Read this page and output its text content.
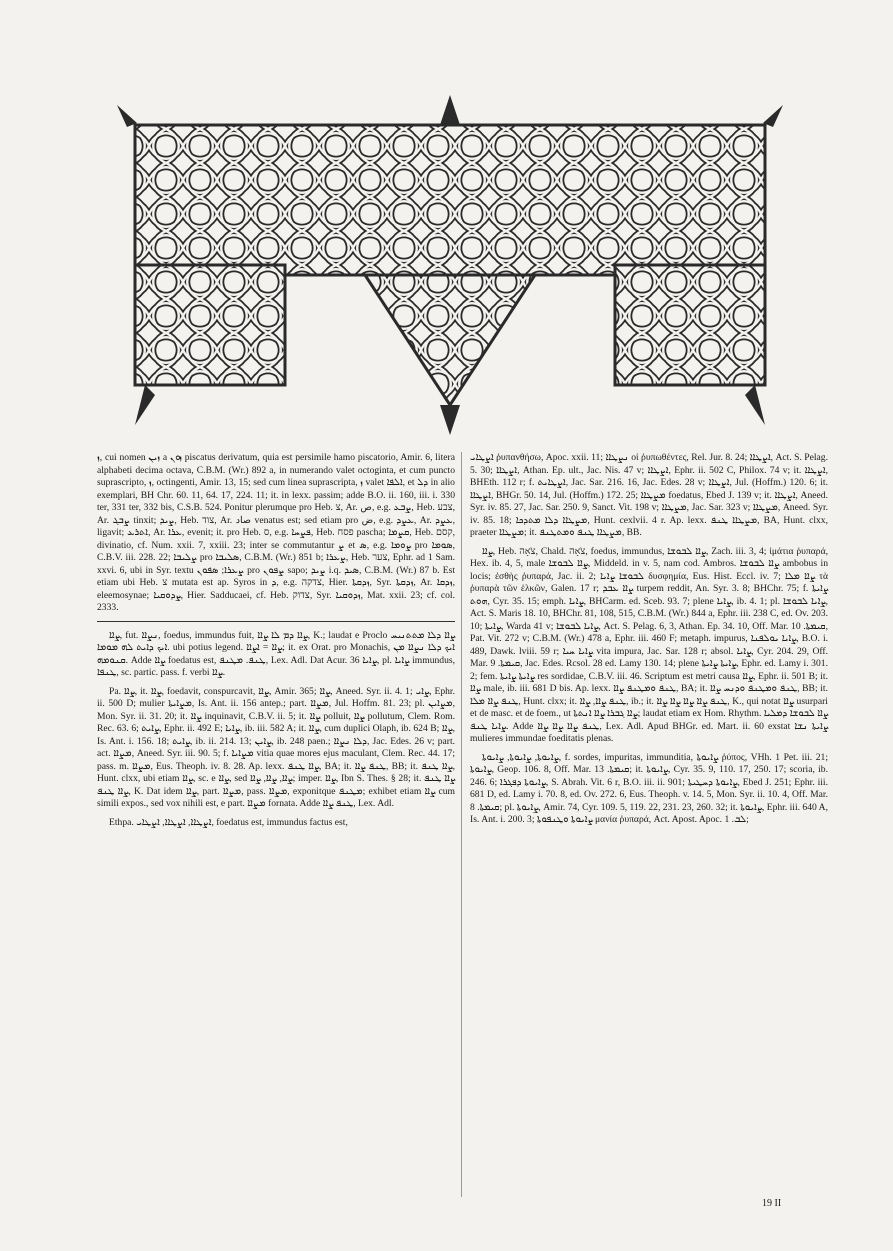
ܙ, cui nomen ܙܝܢ a ܙܘܢ piscatus derivatum, quia est persimile hamo piscatorio, Amir. 6, litera alphabeti decima octava, C.B.M. (Wr.) 892 a, in numerando valet octoginta, et cum puncto suprascripto, ܙ, octingenti, Amir. 13, 15; sed cum linea suprascripta, ܙ valet ܐܠܦܐ, et ܕܠ in alio exemplari, BH Chr. 60. 11, 64. 17, 224. 11; it. in lexx. passim; adde B.O. ii. 160, iii. i. 330 ter, 331 ter, 332 bis, C.S.B. 524. Ponitur plerumque pro Heb. צ, Ar. ص, e.g. ܨܒܥ, Heb. צבע, Ar. ܨܒܓ tinxit; ܨܝܕ, Heb. צוד, Ar. صاد venatus est; sed etiam pro ض, e.g. ܥܨܕ, Ar. ܥܨܕ, ligavit; ܐܬܪܥ, Ar. ܥܪܐ, evenit; it. pro Heb. ס, e.g. ܦܨܚܐ, Heb. פסח pascha; ܩܨܡܐ, Heb. קסם, divinatio, cf. Num. xxii. 7, xxiii. 23; inter se commutantur ܨ et ܣ, e.g. ܨܘܡܐ pro ܣܘܡܐ, C.B.V. iii. 228. 22; ܨܠܝܒܐ pro ܣܠܝܒܐ, C.B.M. (Wr.) 851 b; ܨܥܪܐ, Heb. צער, Ephr. ad 1 Sam. xxvi. 6, ubi in Syr. textu ܨܥܪܐ; ܣܦܘܢ pro ܨܦܘܢ sapo; ܨܝܕ i.q. ܣܝܕ, C.B.M. (Wr.) 87 b. Est etiam ubi Heb. צ mutata est ap. Syros in ܕ, e.g. צדקה, Hier. ܙܕܩܬܐ, Syr. ܙܕܩܬܐ, Ar. ܙܕܩܐ, eleemosynae; ܨܕܘܩܝܐ, Hier. Sadducaei, cf. Heb. צדוק, Syr. ܙܕܘܩܝܐ, Mat. xxii. 23; cf. col. 2333.

ܨܐܐ, fut. ܢܨܐܐ, foedus, immundus fuit, ܨܐܐ ܕܡ ܠܐ ܨܐܐ, K.; laudat e Proclo ܨܐܐ ܕܠܐ ܡܬܬܢܝܚ ܐܝܟ ܕܐܝܬ ܠܗ ܡܘܡܐ. ubi potius legend. ܨܐܐ = ܐܨܐܐ; it. ex Orat. pro Monachis, ܐܝܟ ܕܠܐ ܢܨܐܐ ܡܢ ܩܢܘܡܗ. Adde ܨܐܐ foedatus est, ܛܢܦ. ܡܛܢܦ, Lex. Adl. Dat Acur. 36 ܨܐܝܐ, pl. ܨܐܝܐ immundus, ܛܢܦܐ, sc. partic. pass. f. verbi ܨܐܐ.

Pa. ܨܐܐ, it. ܨܐܐ, foedavit, conspurcavit, ܨܐܐ, Amir. 365; ܨܐܐ, Aneed. Syr. ii. 4. 1; ܨܐܝ, Ephr. ii. 500 D; mulier ܡܨܐܝܬܐ, Is. Ant. ii. 156 antep.; part. ܡܨܐܐ, Jul. Hoffm. 81. 23; pl. ܡܨܐܝܢ, Mon. Syr. ii. 31. 20; it. ܨܐܐ inquinavit, C.B.V. ii. 5; it. ܨܐܐ polluit, ܨܐܐ pollutum, Clem. Rom. Rec. 63. 6; ܨܐܝܬ, Ephr. ii. 492 E; ܨܐܝܐ, ib. iii. 582 A; it. ܨܐܐ, cum duplici Olaph, ib. 624 B; ܨܐܐ, Is. Ant. i. 156. 18; ܨܐܝܬ, ib. ii. 214. 13; ܨܐܝܢ, ib. 248 paen.; ܕܠܐ ܢܨܐܐ, Jac. Edes. 26 v; part. act. ܡܨܐܐ, Aneed. Syr. iii. 90. 5; f. ܡܨܐܝܐ vitia quae mores ejus maculant, Clem. Rec. 44. 17; pass. m. ܡܨܐܐ, Eus. Theoph. iv. 8. 28. Ap. lexx. ܨܐܐ ܛܢܦ, BA; it. ܛܢܦ ܨܐܐ, BB; it. ܨܐܐ ܛܢܦ, Hunt. clxx, ubi etiam ܨܐܐ, sc. e ܨܐܐ, sed ܨܐܐ, ܨܐܐ, ܨܐܐ; imper. ܨܐܐ, Ibn S. Thes. § 28; it. ܨܐܐ ܛܢܦ ܨܐܐ ܛܢܦ, K. Dat idem ܨܐܐ, part. ܡܨܐܐ, pass. ܡܨܐܐ, exponitque ܡܛܢܦ; exhibet etiam ܨܐܐ cum simili expos., sed vox nihili est, e part. ܡܨܐܐ fornata. Adde ܛܢܦ ܨܐܐ, Lex. Adl.

Ethpa. ܐܨܛܐܐ, ܐܨܛܐܐ, ܐܨܛܐܝ, foedatus est, immundus factus est,

ܐܨܛܐܝ ῥυπανθήσω, Apoc. xxii. 11; ܢܨܛܐܐ οἱ ῥυπωθέντες, Rel. Jur. 8. 24; ܐܨܛܐܐ, Act. S. Pelag. 5. 30; ܐܨܛܐܐ, Athan. Ep. ult., Jac. Nis. 47 v; ܐܨܛܐܐ, Ephr. ii. 502 C, Philox. 74 v; it. ܐܨܛܐܐ, BHEth. 112 r; f. ܐܨܛܐܝܬ, Jac. Sar. 216. 16, Jac. Edes. 28 v; ܐܨܛܐܐ, Jul. (Hoffm.) 120. 6; it. ܐܨܛܐܐ, BHGr. 50. 14, Jul. (Hoffm.) 172. 25; ܡܨܛܐܐ foedatus, Ebed J. 139 v; it. ܐܨܛܐܐ, Aneed. Syr. iv. 85. 27, Jac. Sar. 250. 9, Sanct. Vit. 198 v; ܡܨܛܐܐ, Jac. Sar. 323 v; ܡܨܛܐܐ, Aneed. Syr. iv. 85. 18; ܡܨܛܐܐ ܕܠܐ ܡܬܕܟܐ, Hunt. cexlvii. 4 r. Ap. lexx. ܡܨܛܐܐ ܛܢܦ, BA, Hunt. clxx, praeter ܡܨܛܐܐ; it. ܡܨܛܐܐ ܛܢܦ ܘܡܬܛܢܦ, BB.

ܨܐܐ, Heb. צֹאָה, Chald. צֹאָה, foedus, immundus, ܨܐܐ ܠܒܘܫܐ, Zach. iii. 3, 4; ἱμάτια ῥυπαρά, Hex. ib. 4, 5, male ܨܐܐ ܠܒܘܫܐ, Middeld. in v. 5, nam cod. Ambros. ܨܐܐ ܠܒܘܫܐ ambobus in locis; ἐσθὴς ῥυπαρά, Jac. ii. 2; ܠܒܘܫܐ ܨܐܝܐ δυσφημία, Eus. Hist. Eccl. iv. 7; ܨܐܐ ܡܠܐ τὰ ῥυπαρὰ τῶν ἑλκῶν, Galen. 17 r; ܨܐܐ ܥܒܕ turpem reddit, An. Syr. 3. 8; BHChr. 75; f. ܨܐܝܬܐ ܗܘܬ, Cyr. 35. 15; emph. ܨܐܝܐ, BHCarm. ed. Sceb. 93. 7; plene ܨܐܝܐ, ib. 4. 1; pl. ܨܐܝܐ ܠܒܘܫܐ, Act. S. Maris 18. 10, BHChr. 81, 108, 515, C.B.M. (Wr.) 844 a, Ephr. iii. 238 C, ed. Ov. 203. 10; ܨܐܝܬܐ, Warda 41 v; ܨܐܝܐ ܠܒܘܫܐ, Act. S. Pelag. 6, 3, Athan. Ep. 34. 10, Off. Mar. ܩܝܡܬܐ. 10, Pat. Vit. 272 v; C.B.M. (Wr.) 478 a, Ephr. iii. 460 F; metaph. impurus, ܨܐܝܐ ܝܘܠܦܢܐ, B.O. i. 489, Dawk. lviii. 59 r; ܨܐܝܐ ܚܝܐ vita impura, Jac. Sar. 128 r; absol. ܨܐܝܐ, Cyr. 204. 29, Off. Mar. ܩܝܡܬܐ. 9, Jac. Edes. Rcsol. 28 ed. Lamy 130. 14; plene ܨܐܝܬܐ ܨܐܝܬܐ, Ephr. ed. Lamy i. 301. 2; fem. ܨܐܝܬܐ ܨܐܝܬܐ res sordidae, C.B.V. iii. 46. Scriptum est metri causa ܨܐܐ, Ephr. ii. 501 B; it. ܨܐܐ male, ib. iii. 681 D bis. Ap. lexx. ܛܢܦ ܘܡܛܢܦ ܨܐܐ, BA; it. ܛܢܦ ܘܡܛܢܦ ܘܕܢܚ ܨܐܐ, BB; it. ܛܢܦ ܨܐܐ ܡܠܐ, Hunt. clxx; it. ܛܢܦ ܨܐܐ, ܨܐܐ, ib.; it. ܛܢܦ ܨܐܐ ܨܐܐ ܨܐܐ ܨܐܐ, K., qui notat ܨܐܐ usurpari et de masc. et de foem., ut ܨܐܐ ܓܒܪܐ ܨܐܐ ܐܢܬܬܐ; laudat etiam ex Hom. Rhythm. ܨܐܐ ܠܒܘܫܐ ܕܡܠܝܐ ܨܐܝܐ ܛܢܦ. Adde ܛܢܦ ܨܐܐ ܨܐܐ ܨܐܐ, Lex. Adl. Apud BHGr. ed. Mart. ii. 60 exstat ܨܐܝܬܐ ܢܫܐ mulieres immundae foeditatis plenas.

ܨܐܝܘܬܐ, ܨܐܝܘܬܐ, ܨܐܝܘܬܐ, f. sordes, impuritas, immunditia, ܨܐܝܘܬܐ ῥύπος, VHh. 1 Pet. iii. 21; ܨܐܝܘܬܐ, Geop. 106. 8, Off. Mar. ܩܝܡܬܐ. 13; it. ܨܐܝܘܬܐ, Cyr. 35. 9, 110. 17, 250. 17; scoria, ib. 246. 6; ܨܐܝܘܬܐ ܕܦܓܪܐ, S. Abrah. Vit. 6 r, B.O. iii. ii. 901; ܨܐܝܘܬܐ ܕܚܛܝܬܐ, Ebed J. 251; Ephr. iii. 681 D, ed. Lamy i. 70. 8, ed. Ov. 272. 6, Eus. Theoph. v. 14. 5, Mon. Syr. ii. 10. 4, Off. Mar. ܩܝܡܬܐ. 8; pl. ܨܐܝܘܬܐ, Amir. 74, Cyr. 109. 5, 119. 22, 231. 23, 260. 32; it. ܨܐܝܘܬܐ, Ephr. iii. 640 A, Is. Ant. i. 200. 3; ܨܐܝܘܬܐ ܘܛܢܦܘܬܐ μανία ῥυπαρά, Act. Apost. Apoc. ܠܒ. 1;

19 II
